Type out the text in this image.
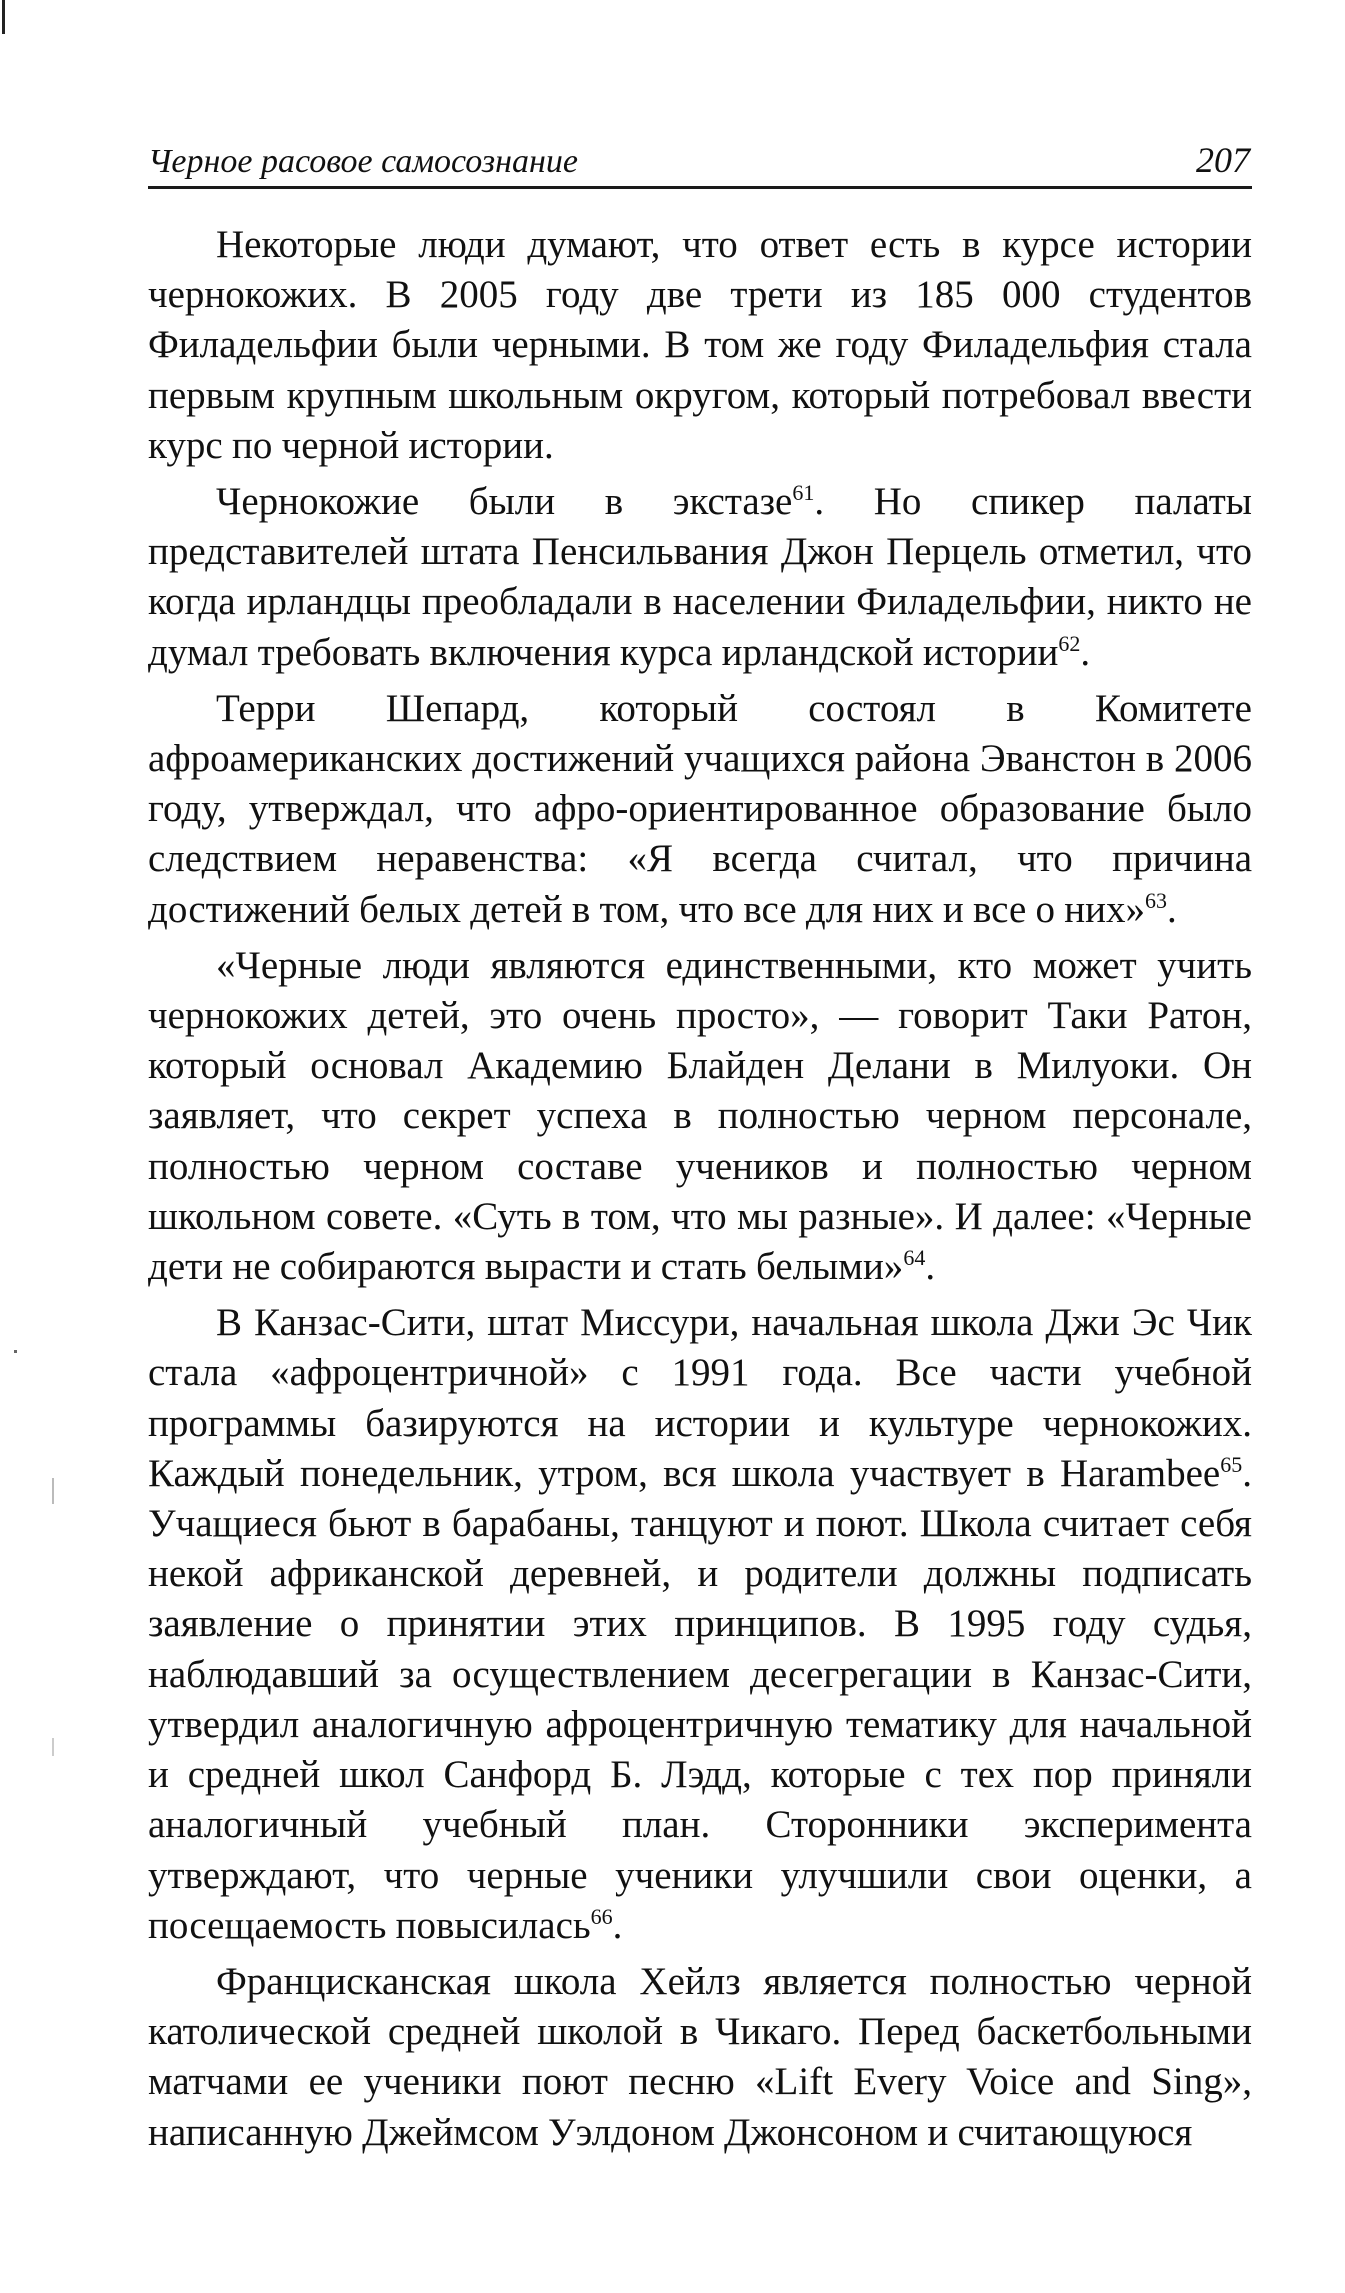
Черное расовое самосознание	207

Некоторые люди думают, что ответ есть в курсе истории чернокожих. В 2005 году две трети из 185 000 студентов Филадельфии были черными. В том же году Филадельфия стала первым крупным школьным округом, который потребовал ввести курс по черной истории.

Чернокожие были в экстазе$^{61}$. Но спикер палаты представителей штата Пенсильвания Джон Перцель отметил, что когда ирландцы преобладали в населении Филадельфии, никто не думал требовать включения курса ирландской истории$^{62}$.

Терри Шепард, который состоял в Комитете афроамериканских достижений учащихся района Эванстон в 2006 году, утверждал, что афро-ориентированное образование было следствием неравенства: «Я всегда считал, что причина достижений белых детей в том, что все для них и все о них»$^{63}$.

«Черные люди являются единственными, кто может учить чернокожих детей, это очень просто», — говорит Таки Ратон, который основал Академию Блайден Делани в Милуоки. Он заявляет, что секрет успеха в полностью черном персонале, полностью черном составе учеников и полностью черном школьном совете. «Суть в том, что мы разные». И далее: «Черные дети не собираются вырасти и стать белыми»$^{64}$.

В Канзас-Сити, штат Миссури, начальная школа Джи Эс Чик стала «афроцентричной» с 1991 года. Все части учебной программы базируются на истории и культуре чернокожих. Каждый понедельник, утром, вся школа участвует в Harambee$^{65}$. Учащиеся бьют в барабаны, танцуют и поют. Школа считает себя некой африканской деревней, и родители должны подписать заявление о принятии этих принципов. В 1995 году судья, наблюдавший за осуществлением десегрегации в Канзас-Сити, утвердил аналогичную афроцентричную тематику для начальной и средней школ Санфорд Б. Лэдд, которые с тех пор приняли аналогичный учебный план. Сторонники эксперимента утверждают, что черные ученики улучшили свои оценки, а посещаемость повысилась$^{66}$.

Францисканская школа Хейлз является полностью черной католической средней школой в Чикаго. Перед баскетбольными матчами ее ученики поют песню «Lift Every Voice and Sing», написанную Джеймсом Уэлдоном Джонсоном и считающуюся
